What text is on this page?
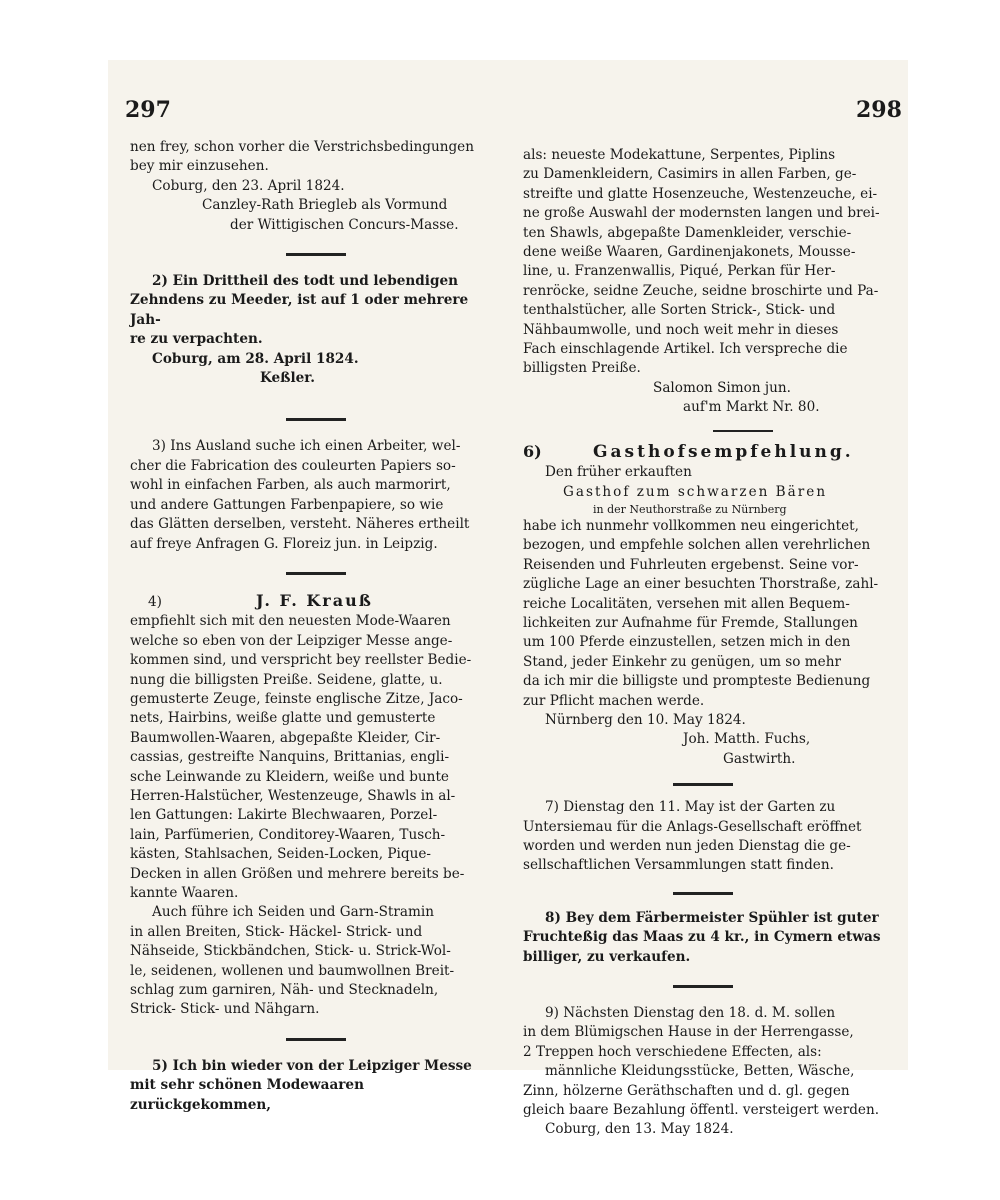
297	298

nen frey, schon vorher die Verstrichsbedingungen

bey mir einzusehen.

Coburg, den 23. April 1824.

Canzley-Rath Briegleb als Vormund

der Wittigischen Concurs-Masse.

2) Ein Drittheil des todt und lebendigen

Zehndens zu Meeder, ist auf 1 oder mehrere Jah-

re zu verpachten.

Coburg, am 28. April 1824.

Keßler.

3) Ins Ausland suche ich einen Arbeiter, wel-

cher die Fabrication des couleurten Papiers so-

wohl in einfachen Farben, als auch marmorirt,

und andere Gattungen Farbenpapiere, so wie

das Glätten derselben, versteht. Näheres ertheilt

auf freye Anfragen G. Floreiz jun. in Leipzig.

4)	J. F. Krauß

empfiehlt sich mit den neuesten Mode-Waaren

welche so eben von der Leipziger Messe ange-

kommen sind, und verspricht bey reellster Bedie-

nung die billigsten Preiße. Seidene, glatte, u.

gemusterte Zeuge, feinste englische Zitze, Jaco-

nets, Hairbins, weiße glatte und gemusterte

Baumwollen-Waaren, abgepaßte Kleider, Cir-

cassias, gestreifte Nanquins, Brittanias, engli-

sche Leinwande zu Kleidern, weiße und bunte

Herren-Halstücher, Westenzeuge, Shawls in al-

len Gattungen: Lakirte Blechwaaren, Porzel-

lain, Parfümerien, Conditorey-Waaren, Tusch-

kästen, Stahlsachen, Seiden-Locken, Pique-

Decken in allen Größen und mehrere bereits be-

kannte Waaren.

Auch führe ich Seiden und Garn-Stramin

in allen Breiten, Stick- Häckel- Strick- und

Nähseide, Stickbändchen, Stick- u. Strick-Wol-

le, seidenen, wollenen und baumwollnen Breit-

schlag zum garniren, Näh- und Stecknadeln,

Strick- Stick- und Nähgarn.

5) Ich bin wieder von der Leipziger Messe

mit sehr schönen Modewaaren zurückgekommen,

als: neueste Modekattune, Serpentes, Piplins

zu Damenkleidern, Casimirs in allen Farben, ge-

streifte und glatte Hosenzeuche, Westenzeuche, ei-

ne große Auswahl der modernsten langen und brei-

ten Shawls, abgepaßte Damenkleider, verschie-

dene weiße Waaren, Gardinenjakonets, Mousse-

line, u. Franzenwallis, Piqué, Perkan für Her-

renröcke, seidne Zeuche, seidne broschirte und Pa-

tenthalstücher, alle Sorten Strick-, Stick- und

Nähbaumwolle, und noch weit mehr in dieses

Fach einschlagende Artikel. Ich verspreche die

billigsten Preiße.

Salomon Simon jun.

auf'm Markt Nr. 80.

6)	Gasthofsempfehlung.

Den früher erkauften

Gasthof zum schwarzen Bären

in der Neuthorstraße zu Nürnberg

habe ich nunmehr vollkommen neu eingerichtet,

bezogen, und empfehle solchen allen verehrlichen

Reisenden und Fuhrleuten ergebenst. Seine vor-

zügliche Lage an einer besuchten Thorstraße, zahl-

reiche Localitäten, versehen mit allen Bequem-

lichkeiten zur Aufnahme für Fremde, Stallungen

um 100 Pferde einzustellen, setzen mich in den

Stand, jeder Einkehr zu genügen, um so mehr

da ich mir die billigste und prompteste Bedienung

zur Pflicht machen werde.

Nürnberg den 10. May 1824.

Joh. Matth. Fuchs,

Gastwirth.

7) Dienstag den 11. May ist der Garten zu

Untersiemau für die Anlags-Gesellschaft eröffnet

worden und werden nun jeden Dienstag die ge-

sellschaftlichen Versammlungen statt finden.

8) Bey dem Färbermeister Spühler ist guter

Fruchteßig das Maas zu 4 kr., in Cymern etwas

billiger, zu verkaufen.

9) Nächsten Dienstag den 18. d. M. sollen

in dem Blümigschen Hause in der Herrengasse,

2 Treppen hoch verschiedene Effecten, als:

männliche Kleidungsstücke, Betten, Wäsche,

Zinn, hölzerne Geräthschaften und d. gl. gegen

gleich baare Bezahlung öffentl. versteigert werden.

Coburg, den 13. May 1824.
